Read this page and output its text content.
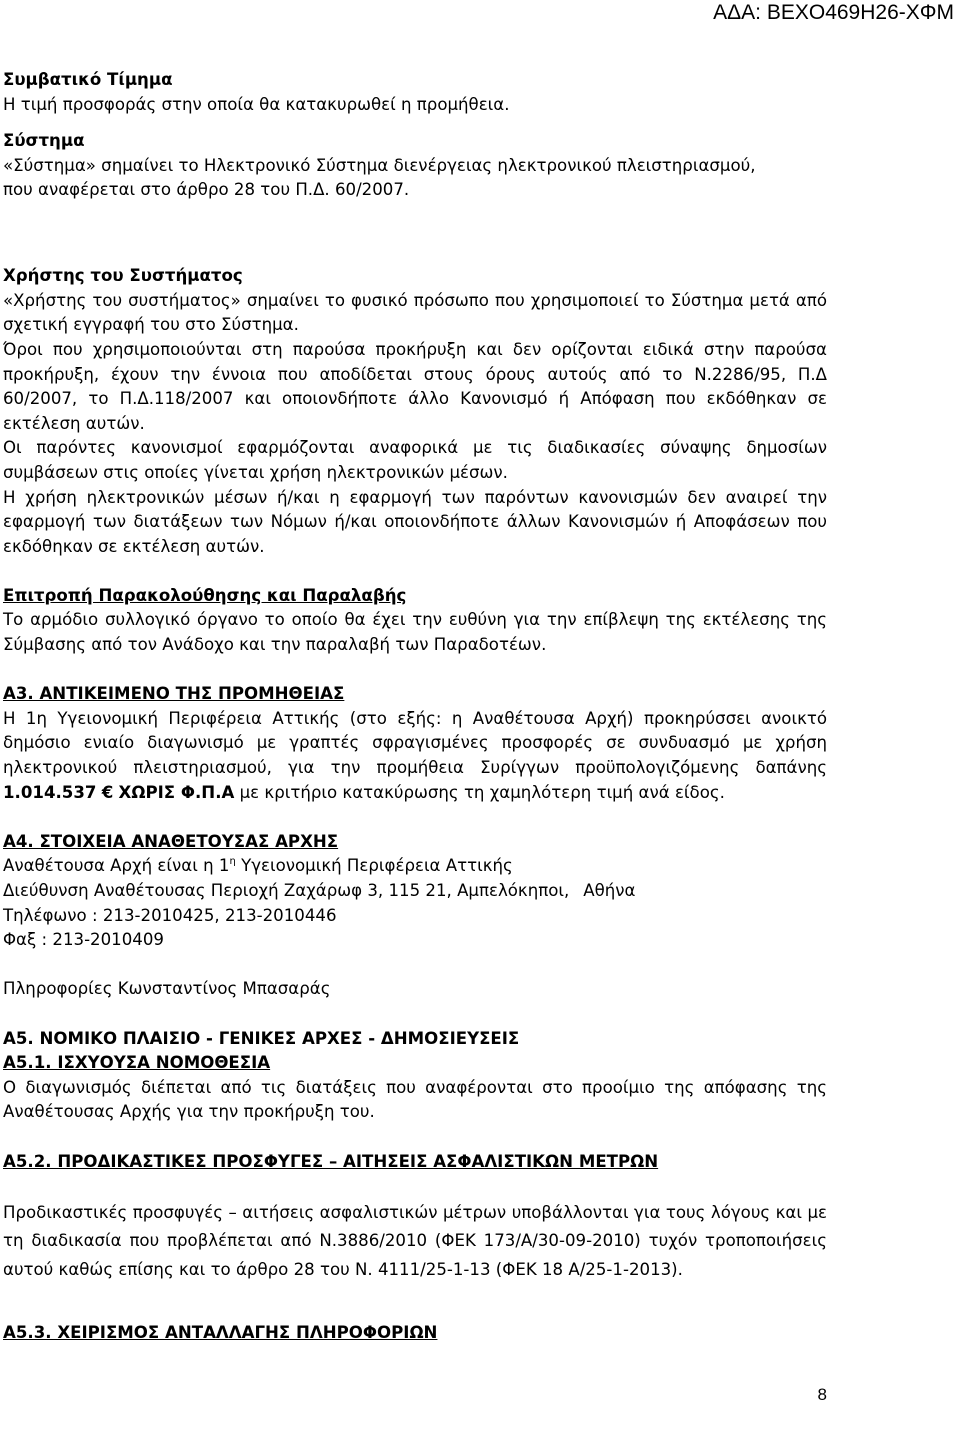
ΑΔΑ: ΒΕΧΟ469Η26-ΧΦΜ

Συμβατικό Τίμημα

Η τιμή προσφοράς στην οποία θα κατακυρωθεί η προμήθεια.

Σύστημα

«Σύστημα» σημαίνει το Ηλεκτρονικό Σύστημα διενέργειας ηλεκτρονικού πλειστηριασμού,

που αναφέρεται στο άρθρο 28 του Π.Δ. 60/2007.

Χρήστης του Συστήματος

«Χρήστης του συστήματος» σημαίνει το φυσικό πρόσωπο που χρησιμοποιεί το Σύστημα μετά από σχετική εγγραφή του στο Σύστημα.

Όροι που χρησιμοποιούνται στη παρούσα προκήρυξη και δεν ορίζονται ειδικά στην παρούσα προκήρυξη, έχουν την έννοια που αποδίδεται στους όρους αυτούς από το Ν.2286/95, Π.Δ 60/2007, το Π.Δ.118/2007 και οποιονδήποτε άλλο Κανονισμό ή Απόφαση που εκδόθηκαν σε εκτέλεση αυτών.

Οι παρόντες κανονισμοί εφαρμόζονται αναφορικά με τις διαδικασίες σύναψης δημοσίων συμβάσεων στις οποίες γίνεται χρήση ηλεκτρονικών μέσων.

Η χρήση ηλεκτρονικών μέσων ή/και η εφαρμογή των παρόντων κανονισμών δεν αναιρεί την εφαρμογή των διατάξεων των Νόμων ή/και οποιονδήποτε άλλων Κανονισμών ή Αποφάσεων που εκδόθηκαν σε εκτέλεση αυτών.

Επιτροπή Παρακολούθησης και Παραλαβής

Το αρμόδιο συλλογικό όργανο το οποίο θα έχει την ευθύνη για την επίβλεψη της εκτέλεσης της Σύμβασης από τον Ανάδοχο και την παραλαβή των Παραδοτέων.

Α3. ΑΝΤΙΚΕΙΜΕΝΟ ΤΗΣ ΠΡΟΜΗΘΕΙΑΣ

Η 1η Υγειονομική Περιφέρεια Αττικής (στο εξής: η Αναθέτουσα Αρχή) προκηρύσσει ανοικτό δημόσιο ενιαίο διαγωνισμό με γραπτές σφραγισμένες προσφορές σε συνδυασμό με χρήση ηλεκτρονικού πλειστηριασμού, για την προμήθεια Συρίγγων προϋπολογιζόμενης δαπάνης 1.014.537 € ΧΩΡΙΣ Φ.Π.Α με κριτήριο κατακύρωσης τη χαμηλότερη τιμή ανά είδος.

Α4. ΣΤΟΙΧΕΙΑ ΑΝΑΘΕΤΟΥΣΑΣ ΑΡΧΗΣ

Αναθέτουσα Αρχή είναι η $1^\eta$ Υγειονομική Περιφέρεια Αττικής

Διεύθυνση Αναθέτουσας Περιοχή Ζαχάρωφ 3, 115 21, Αμπελόκηποι, Αθήνα

Τηλέφωνο : 213-2010425, 213-2010446

Φαξ : 213-2010409

Πληροφορίες Κωνσταντίνος Μπασαράς

Α5. ΝΟΜΙΚΟ ΠΛΑΙΣΙΟ - ΓΕΝΙΚΕΣ ΑΡΧΕΣ - ΔΗΜΟΣΙΕΥΣΕΙΣ

Α5.1. ΙΣΧΥΟΥΣΑ ΝΟΜΟΘΕΣΙΑ

Ο διαγωνισμός διέπεται από τις διατάξεις που αναφέρονται στο προοίμιο της απόφασης της Αναθέτουσας Αρχής για την προκήρυξη του.

Α5.2. ΠΡΟΔΙΚΑΣΤΙΚΕΣ ΠΡΟΣΦΥΓΕΣ – ΑΙΤΗΣΕΙΣ ΑΣΦΑΛΙΣΤΙΚΩΝ ΜΕΤΡΩΝ

Προδικαστικές προσφυγές – αιτήσεις ασφαλιστικών μέτρων υποβάλλονται για τους λόγους και με τη διαδικασία που προβλέπεται από Ν.3886/2010 (ΦΕΚ 173/Α/30-09-2010) τυχόν τροποποιήσεις αυτού καθώς επίσης και το άρθρο 28 του Ν. 4111/25-1-13 (ΦΕΚ 18 Α/25-1-2013).

Α5.3. ΧΕΙΡΙΣΜΟΣ ΑΝΤΑΛΛΑΓΗΣ ΠΛΗΡΟΦΟΡΙΩΝ

8
